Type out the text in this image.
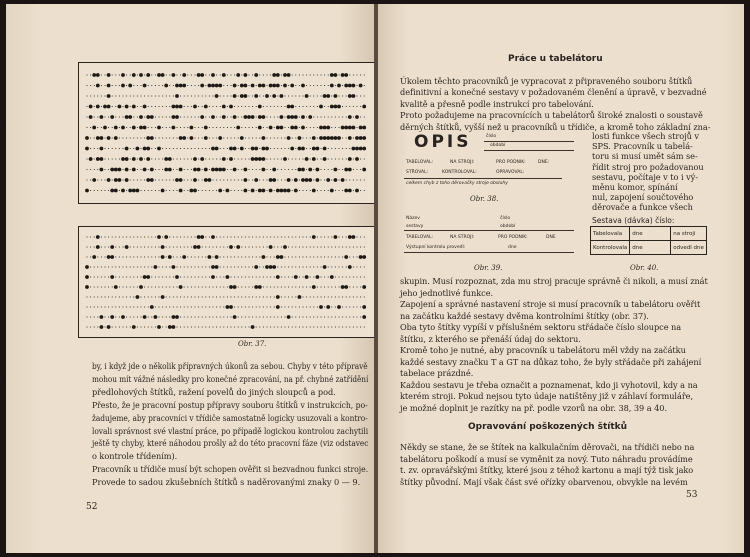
Obr. 37.
by, i když jde o několik přípravných úkonů za sebou. Chyby v této přípravě
mohou mít vážné následky pro konečné zpracování, na př. chybné zatřídění
předlohových štítků, ražení povelů do jiných sloupců a pod.
Přesto, že je pracovní postup přípravy souboru štítků v instrukcích, po-
žadujeme, aby pracovníci v třídiče samostatně logicky usuzovali a kontro-
lovali správnost své vlastní práce, po případě logickou kontrolou zachytili
ještě ty chyby, které náhodou prošly až do této pracovní fáze (viz odstavec
o kontrole třídením).
Pracovník u třídiče musí být schopen ověřit si bezvadnou funkci stroje.
Provede to sadou zkušebních štítků s naděrovanými znaky 0 — 9.
52
Práce u tabelátoru
Úkolem těchto pracovníků je vypracovat z připraveného souboru štítků
definitivní a konečné sestavy v požadovaném členění a úpravě, v bezvadné
kvalitě a přesně podle instrukcí pro tabelování.
Proto požadujeme na pracovnících u tabelátorů široké znalosti o soustavě
děrných štítků, vyšší než u pracovníků u třídiče, a kromě toho základní zna-
OPIS	číslo
období
TABELOVAL:	NA STROJI:	PRO PODNIK:	DNE:
STŘOVAL:	KONTROLOVAL:	OPRAVOVAL:
celkem chyb z toho děrovačky stroje obsluhy
Obr. 38.
losti funkce všech strojů v
SPS. Pracovník u tabelá-
toru si musí umět sám se-
řídit stroj pro požadovanou
sestavu, počítaje v to i vý-
měnu komor, spínání
nul, zapojení součtového
děrovače a funkce všech
Název
sestavy
číslo
období
TABELOVAL:	NA STROJI:	PRO PODNIK:	DNE
Výstupní kontrolu provedl:	dne
Obr. 39.
Sestava (dávka) číslo:
Tabelovala	dne	na stroji
Kontrolovala	dne	odvedl dne
Obr. 40.
skupin. Musí rozpoznat, zda mu stroj pracuje správně či nikoli, a musí znát
jeho jednotlivé funkce.
Zapojení a správné nastavení stroje si musí pracovník u tabelátoru ověřit
na začátku každé sestavy dvěma kontrolními štítky (obr. 37).
Oba tyto štítky vypíší v příslušném sektoru střádače číslo sloupce na
štítku, z kterého se přenáší údaj do sektoru.
Kromě toho je nutné, aby pracovník u tabelátoru měl vždy na začátku
každé sestavy značku T a GT na důkaz toho, že byly střádače při zahájení
tabelace prázdné.
Každou sestavu je třeba označit a poznamenat, kdo ji vyhotovil, kdy a na
kterém stroji. Pokud nejsou tyto údaje natištěny již v záhlaví formuláře,
je možné doplnit je razítky na př. podle vzorů na obr. 38, 39 a 40.
Opravování poškozených štítků
Někdy se stane, že se štítek na kalkulačním děrovači, na třídiči nebo na
tabelátoru poškodí a musí se vyměnit za nový. Tuto náhradu provádíme
t. zv. opravářskými štítky, které jsou z téhož kartonu a mají týž tisk jako
štítky původní. Mají však část své ořízky obarvenou, obvykle na levém
53
